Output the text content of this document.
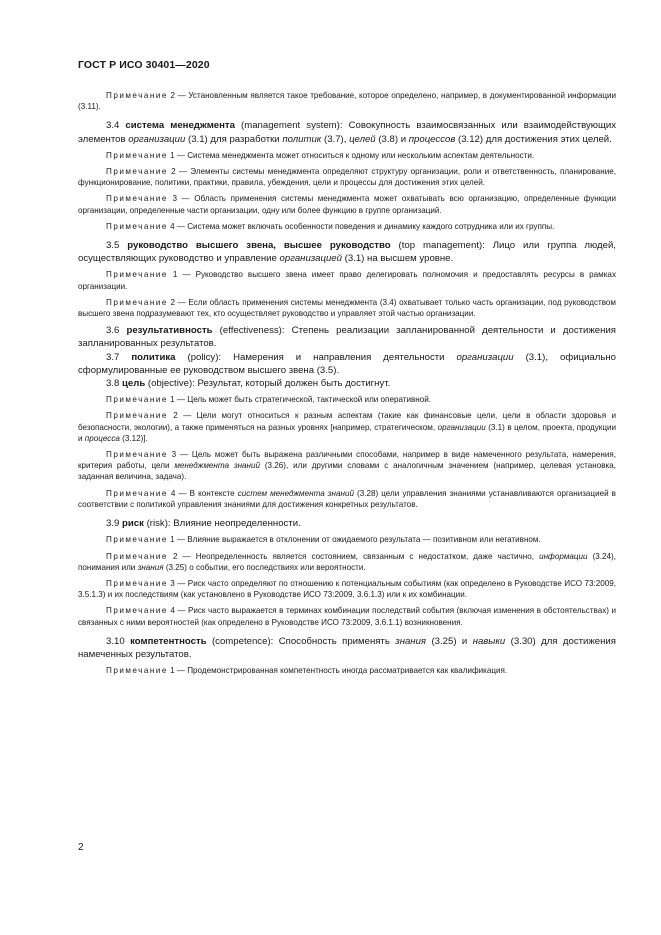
ГОСТ Р ИСО 30401—2020

Примечание 2 — Установленным является такое требование, которое определено, например, в документированной информации (3.11).

3.4 система менеджмента (management system): Совокупность взаимосвязанных или взаимодействующих элементов организации (3.1) для разработки политик (3.7), целей (3.8) и процессов (3.12) для достижения этих целей.

Примечание 1 — Система менеджмента может относиться к одному или нескольким аспектам деятельности.

Примечание 2 — Элементы системы менеджмента определяют структуру организации, роли и ответственность, планирование, функционирование, политики, практики, правила, убеждения, цели и процессы для достижения этих целей.

Примечание 3 — Область применения системы менеджмента может охватывать всю организацию, определенные функции организации, определенные части организации, одну или более функцию в группе организаций.

Примечание 4 — Система может включать особенности поведения и динамику каждого сотрудника или их группы.

3.5 руководство высшего звена, высшее руководство (top management): Лицо или группа людей, осуществляющих руководство и управление организацией (3.1) на высшем уровне.

Примечание 1 — Руководство высшего звена имеет право делегировать полномочия и предоставлять ресурсы в рамках организации.

Примечание 2 — Если область применения системы менеджмента (3.4) охватывает только часть организации, под руководством высшего звена подразумевают тех, кто осуществляет руководство и управляет этой частью организации.

3.6 результативность (effectiveness): Степень реализации запланированной деятельности и достижения запланированных результатов.

3.7 политика (policy): Намерения и направления деятельности организации (3.1), официально сформулированные ее руководством высшего звена (3.5).

3.8 цель (objective): Результат, который должен быть достигнут.

Примечание 1 — Цель может быть стратегической, тактической или оперативной.

Примечание 2 — Цели могут относиться к разным аспектам (такие как финансовые цели, цели в области здоровья и безопасности, экологии), а также применяться на разных уровнях [например, стратегическом, организации (3.1) в целом, проекта, продукции и процесса (3.12)].

Примечание 3 — Цель может быть выражена различными способами, например в виде намеченного результата, намерения, критерия работы, цели менеджмента знаний (3.26), или другими словами с аналогичным значением (например, целевая установка, заданная величина, задача).

Примечание 4 — В контексте систем менеджмента знаний (3.28) цели управления знаниями устанавливаются организацией в соответствии с политикой управления знаниями для достижения конкретных результатов.

3.9 риск (risk): Влияние неопределенности.

Примечание 1 — Влияние выражается в отклонении от ожидаемого результата — позитивном или негативном.

Примечание 2 — Неопределенность является состоянием, связанным с недостатком, даже частично, информации (3.24), понимания или знания (3.25) о событии, его последствиях или вероятности.

Примечание 3 — Риск часто определяют по отношению к потенциальным событиям (как определено в Руководстве ИСО 73:2009, 3.5.1.3) и их последствиям (как установлено в Руководстве ИСО 73:2009, 3.6.1.3) или к их комбинации.

Примечание 4 — Риск часто выражается в терминах комбинации последствий события (включая изменения в обстоятельствах) и связанных с ними вероятностей (как определено в Руководстве ИСО 73:2009, 3.6.1.1) возникновения.

3.10 компетентность (competence): Способность применять знания (3.25) и навыки (3.30) для достижения намеченных результатов.

Примечание 1 — Продемонстрированная компетентность иногда рассматривается как квалификация.

2
